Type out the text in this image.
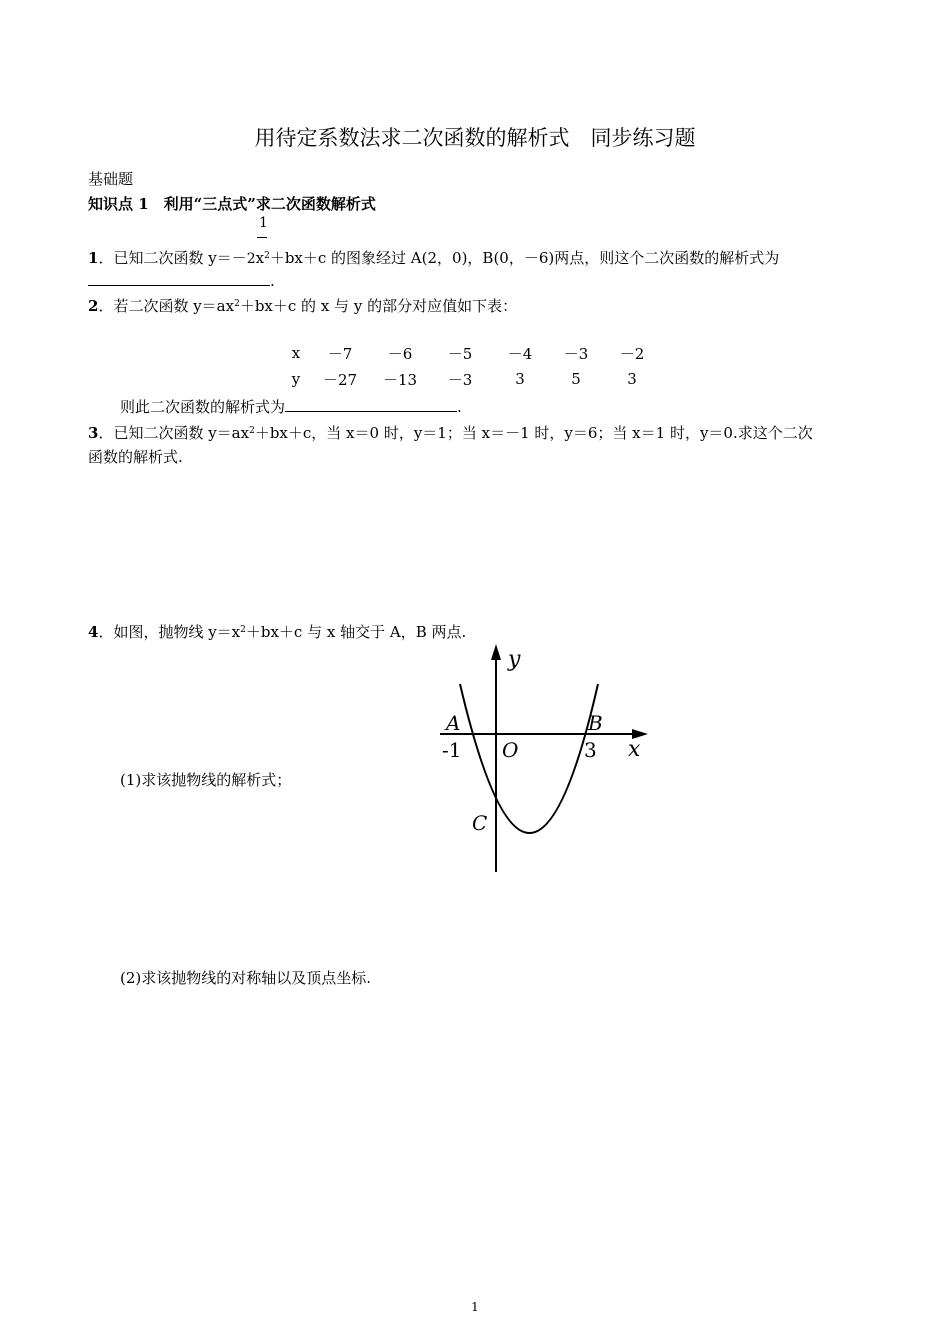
用待定系数法求二次函数的解析式　同步练习题
基础题
知识点 1　利用“三点式”求二次函数解析式
1
1．已知二次函数 $y=-2x^2+bx+c$ 的图象经过 A(2，0)，B(0，－6)两点，则这个二次函数的解析式为
.
2．若二次函数 $y=ax^2+bx+c$ 的 x 与 y 的部分对应值如下表：
x	－7	－6	－5	－4	－3	－2
y	－27	－13	－3	3	5	3
则此二次函数的解析式为	.
3．已知二次函数 $y=ax^2+bx+c$，当 x＝0 时，y＝1；当 x＝－1 时，y＝6；当 x＝1 时，y＝0.求这个二次
函数的解析式.
4．如图，抛物线 $y=x^2+bx+c$ 与 x 轴交于 A，B 两点.
(1)求该抛物线的解析式；
(2)求该抛物线的对称轴以及顶点坐标.
y
x
O
A	B
C
-1	3
1
